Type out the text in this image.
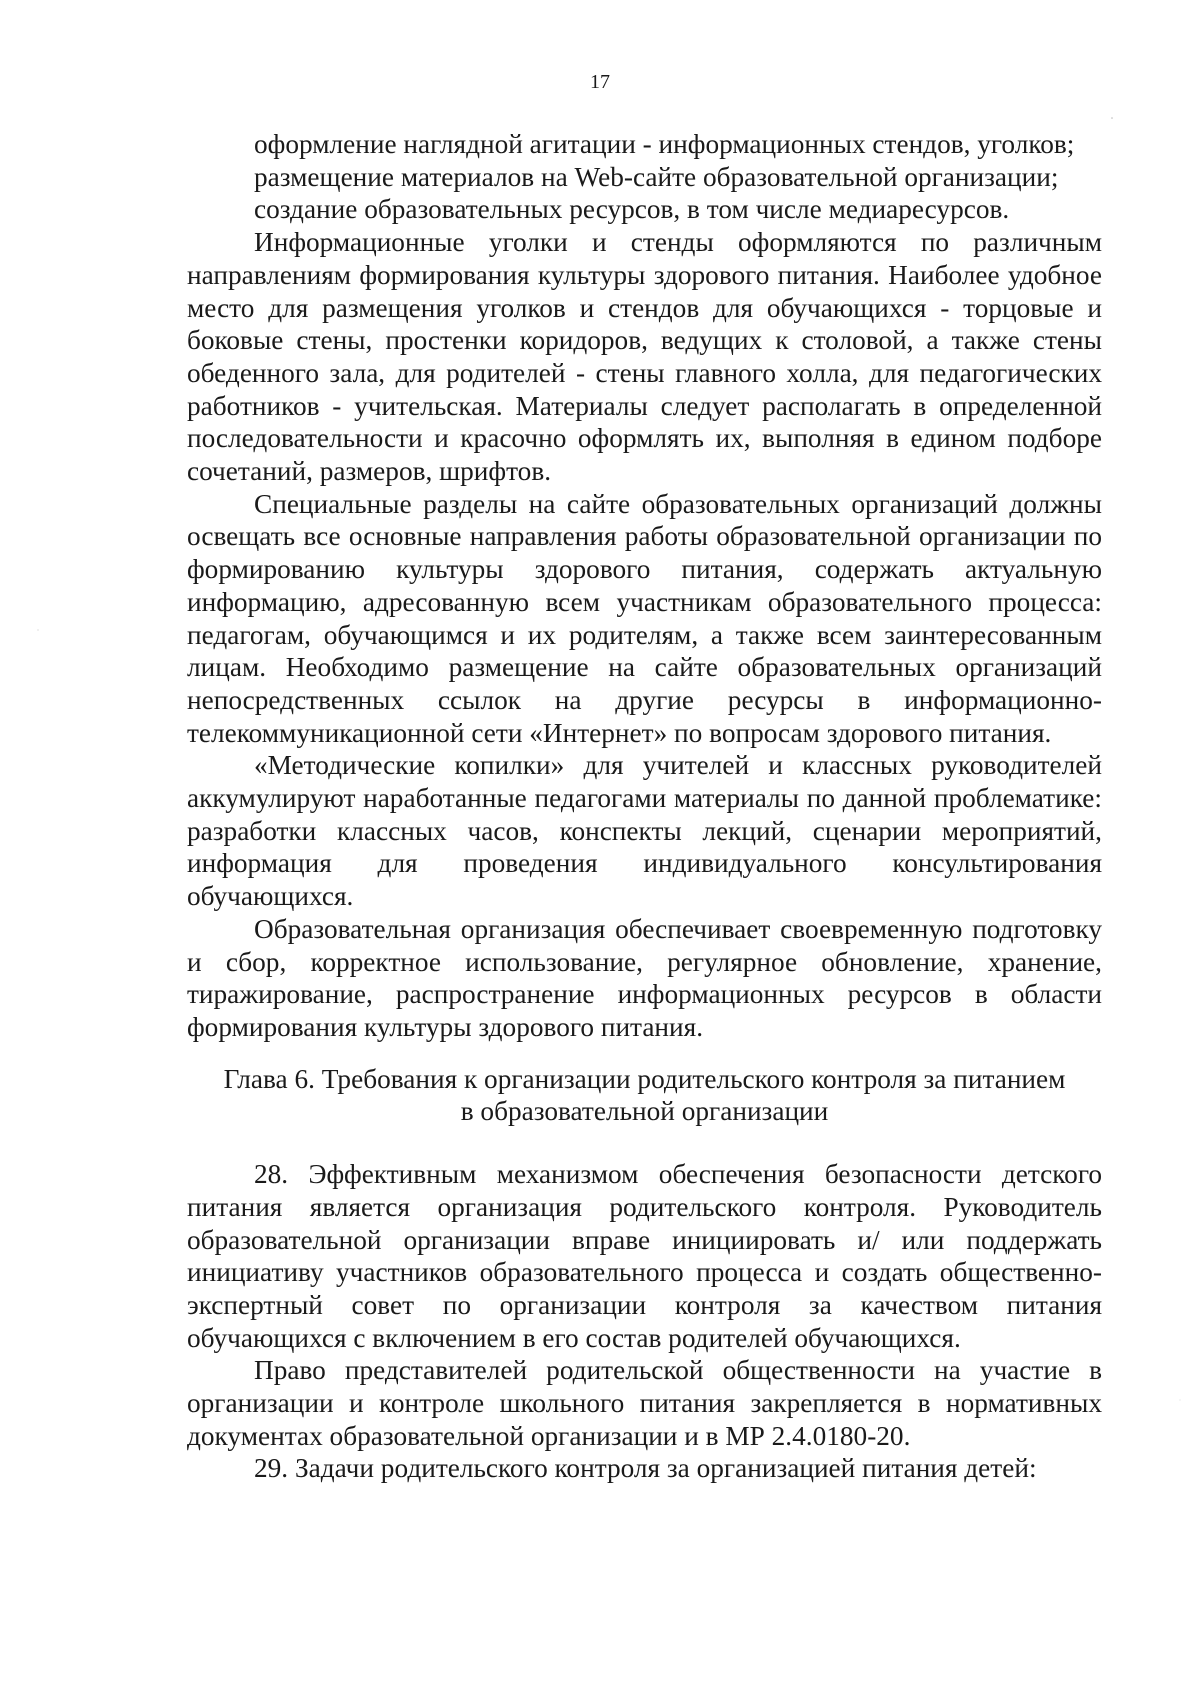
17

оформление наглядной агитации - информационных стендов, уголков;

размещение материалов на Web-сайте образовательной организации;

создание образовательных ресурсов, в том числе медиаресурсов.

Информационные уголки и стенды оформляются по различным направлениям формирования культуры здорового питания. Наиболее удобное место для размещения уголков и стендов для обучающихся - торцовые и боковые стены, простенки коридоров, ведущих к столовой, а также стены обеденного зала, для родителей - стены главного холла, для педагогических работников - учительская. Материалы следует располагать в определенной последовательности и красочно оформлять их, выполняя в едином подборе сочетаний, размеров, шрифтов.

Специальные разделы на сайте образовательных организаций должны освещать все основные направления работы образовательной организации по формированию культуры здорового питания, содержать актуальную информацию, адресованную всем участникам образовательного процесса: педагогам, обучающимся и их родителям, а также всем заинтересованным лицам. Необходимо размещение на сайте образовательных организаций непосредственных ссылок на другие ресурсы в информационно-телекоммуникационной сети «Интернет» по вопросам здорового питания.

«Методические копилки» для учителей и классных руководителей аккумулируют наработанные педагогами материалы по данной проблематике: разработки классных часов, конспекты лекций, сценарии мероприятий, информация для проведения индивидуального консультирования обучающихся.

Образовательная организация обеспечивает своевременную подготовку и сбор, корректное использование, регулярное обновление, хранение, тиражирование, распространение информационных ресурсов в области формирования культуры здорового питания.

Глава 6. Требования к организации родительского контроля за питанием
в образовательной организации

28. Эффективным механизмом обеспечения безопасности детского питания является организация родительского контроля. Руководитель образовательной организации вправе инициировать и/ или поддержать инициативу участников образовательного процесса и создать общественно-экспертный совет по организации контроля за качеством питания обучающихся с включением в его состав родителей обучающихся.

Право представителей родительской общественности на участие в организации и контроле школьного питания закрепляется в нормативных документах образовательной организации и в МР 2.4.0180-20.

29. Задачи родительского контроля за организацией питания детей:
